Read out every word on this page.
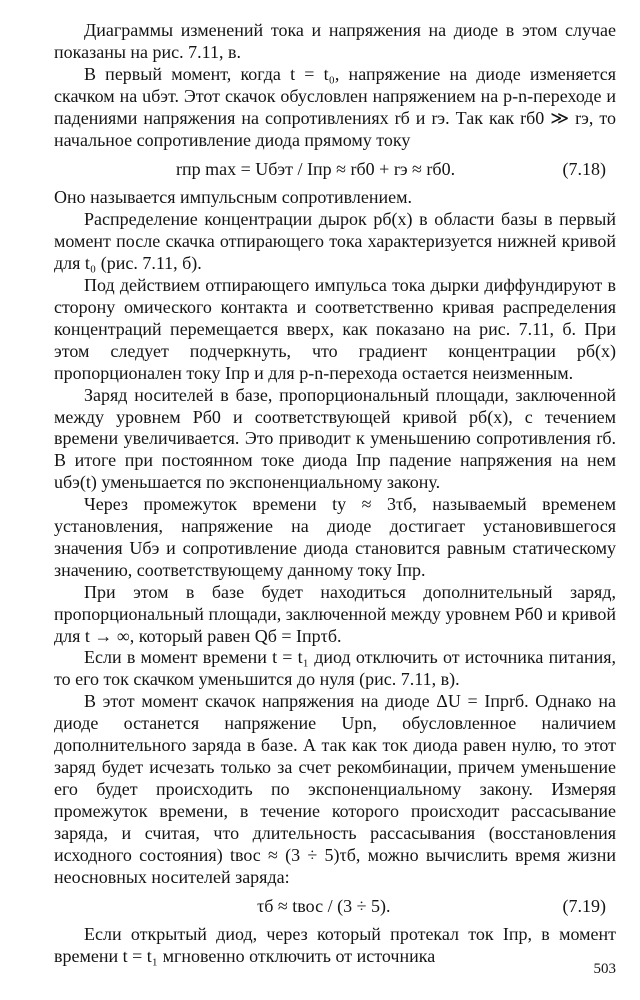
Диаграммы изменений тока и напряжения на диоде в этом случае показаны на рис. 7.11, в.

В первый момент, когда t = t₀, напряжение на диоде изменяется скачком на uбэт. Этот скачок обусловлен напряжением на p-n-переходе и падениями напряжения на сопротивлениях rб и rэ. Так как rб0 ≫ rэ, то начальное сопротивление диода прямому току

rпр max = Uбэт / Iпр ≈ rб0 + rэ ≈ rб0.	(7.18)

Оно называется импульсным сопротивлением.

Распределение концентрации дырок pб(x) в области базы в первый момент после скачка отпирающего тока характеризуется нижней кривой для t₀ (рис. 7.11, б).

Под действием отпирающего импульса тока дырки диффундируют в сторону омического контакта и соответственно кривая распределения концентраций перемещается вверх, как показано на рис. 7.11, б. При этом следует подчеркнуть, что градиент концентрации pб(x) пропорционален току Iпр и для p-n-перехода остается неизменным.

Заряд носителей в базе, пропорциональный площади, заключенной между уровнем Pб0 и соответствующей кривой pб(x), с течением времени увеличивается. Это приводит к уменьшению сопротивления rб. В итоге при постоянном токе диода Iпр падение напряжения на нем uбэ(t) уменьшается по экспоненциальному закону.

Через промежуток времени tу ≈ 3τб, называемый временем установления, напряжение на диоде достигает установившегося значения Uбэ и сопротивление диода становится равным статическому значению, соответствующему данному току Iпр.

При этом в базе будет находиться дополнительный заряд, пропорциональный площади, заключенной между уровнем Pб0 и кривой для t → ∞, который равен Qб = Iпрτб.

Если в момент времени t = t₁ диод отключить от источника питания, то его ток скачком уменьшится до нуля (рис. 7.11, в).

В этот момент скачок напряжения на диоде ΔU = Iпрrб. Однако на диоде останется напряжение Upn, обусловленное наличием дополнительного заряда в базе. А так как ток диода равен нулю, то этот заряд будет исчезать только за счет рекомбинации, причем уменьшение его будет происходить по экспоненциальному закону. Измеряя промежуток времени, в течение которого происходит рассасывание заряда, и считая, что длительность рассасывания (восстановления исходного состояния) tвос ≈ (3 ÷ 5)τб, можно вычислить время жизни неосновных носителей заряда:

τб ≈ tвос / (3 ÷ 5).	(7.19)

Если открытый диод, через который протекал ток Iпр, в момент времени t = t₁ мгновенно отключить от источника

503
